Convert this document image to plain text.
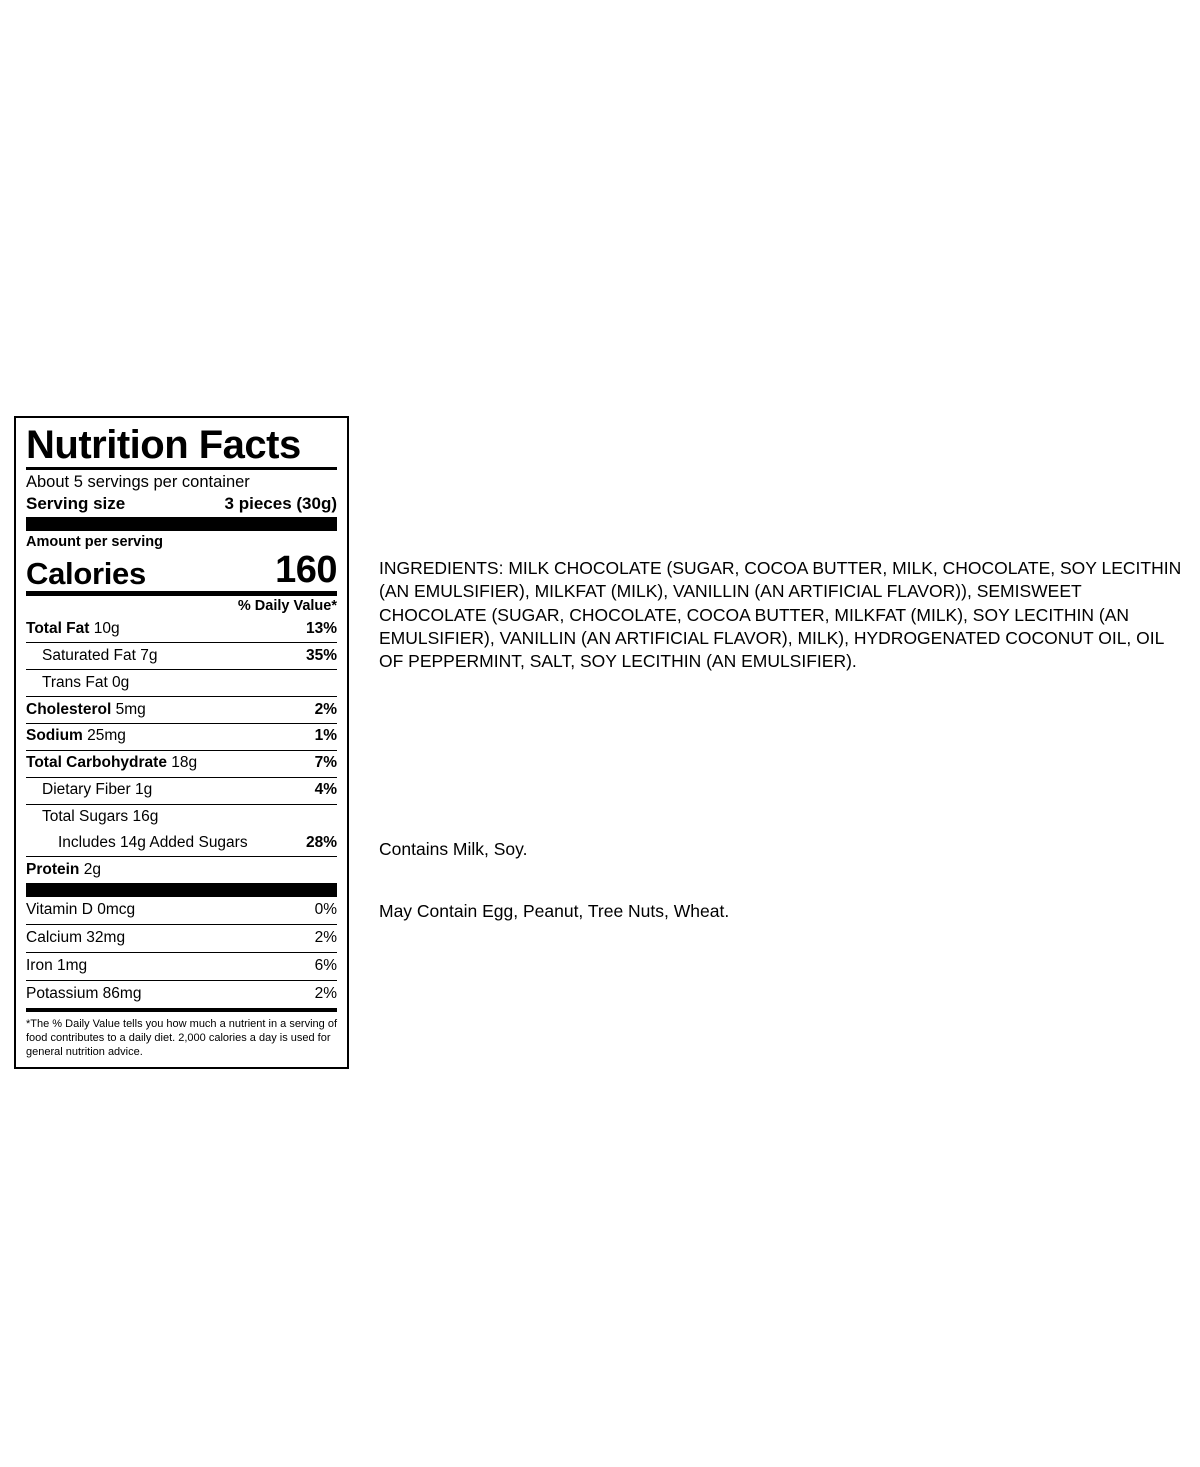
Nutrition Facts
About 5 servings per container
Serving size	3 pieces (30g)
Amount per serving
Calories	160
% Daily Value*
Total Fat 10g	13%
Saturated Fat 7g	35%
Trans Fat 0g
Cholesterol 5mg	2%
Sodium 25mg	1%
Total Carbohydrate 18g	7%
Dietary Fiber 1g	4%
Total Sugars 16g
Includes 14g Added Sugars	28%
Protein 2g
Vitamin D 0mcg	0%
Calcium 32mg	2%
Iron 1mg	6%
Potassium 86mg	2%
*The % Daily Value tells you how much a nutrient in a serving of food contributes to a daily diet. 2,000 calories a day is used for general nutrition advice.
INGREDIENTS: MILK CHOCOLATE (SUGAR, COCOA BUTTER, MILK, CHOCOLATE, SOY LECITHIN (AN EMULSIFIER), MILKFAT (MILK), VANILLIN (AN ARTIFICIAL FLAVOR)), SEMISWEET CHOCOLATE (SUGAR, CHOCOLATE, COCOA BUTTER, MILKFAT (MILK), SOY LECITHIN (AN EMULSIFIER), VANILLIN (AN ARTIFICIAL FLAVOR), MILK), HYDROGENATED COCONUT OIL, OIL OF PEPPERMINT, SALT, SOY LECITHIN (AN EMULSIFIER).
Contains Milk, Soy.
May Contain Egg, Peanut, Tree Nuts, Wheat.
